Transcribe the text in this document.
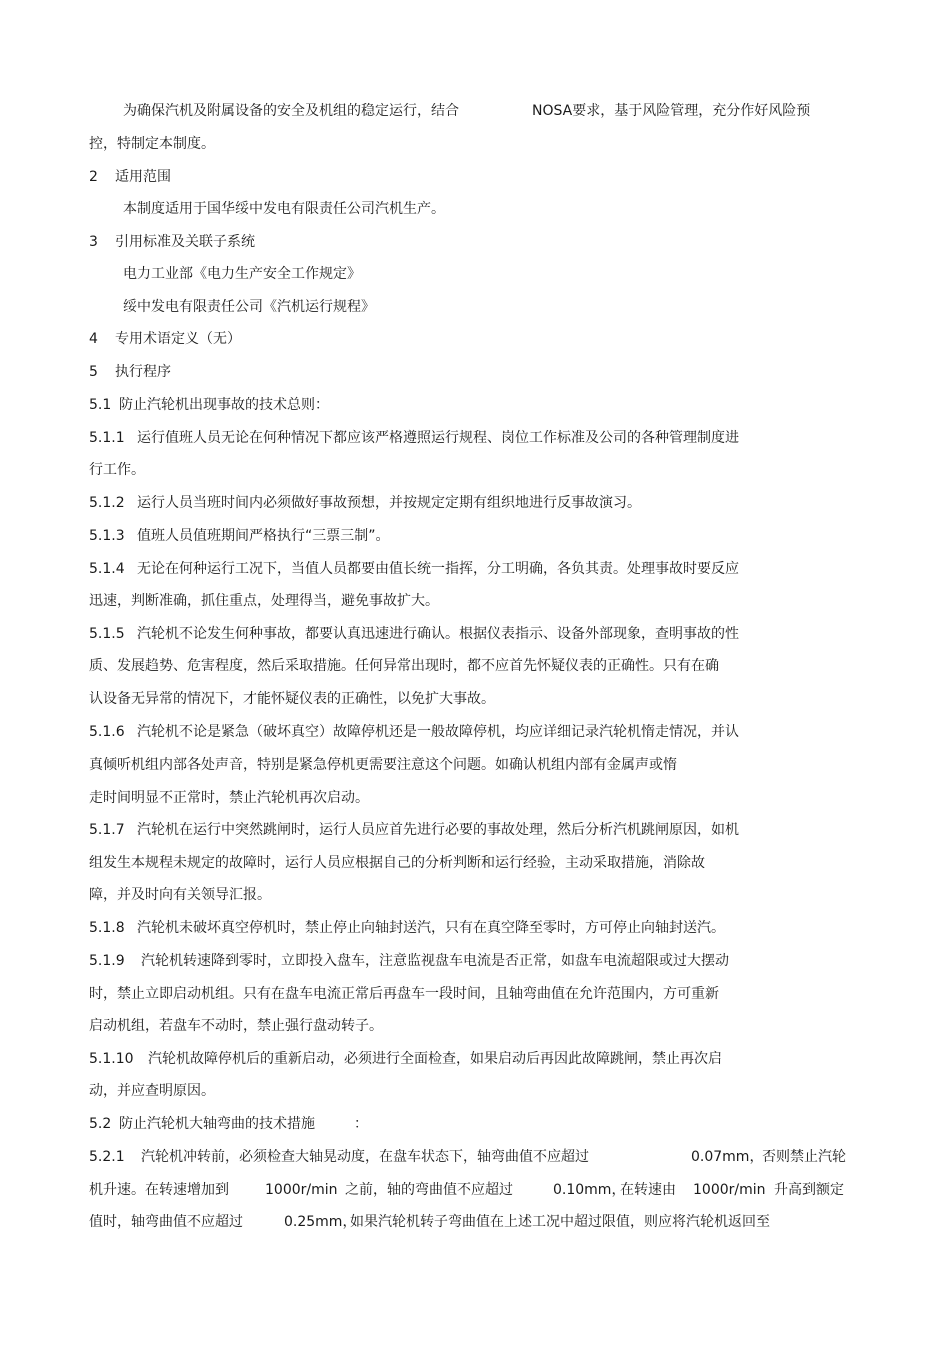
为确保汽机及附属设备的安全及机组的稳定运行，结合	NOSA要求，基于风险管理，充分作好风险预
控，特制定本制度。
2 适用范围
本制度适用于国华绥中发电有限责任公司汽机生产。
3 引用标准及关联子系统
电力工业部《电力生产安全工作规定》
绥中发电有限责任公司《汽机运行规程》
4 专用术语定义（无）
5 执行程序
5.1 防止汽轮机出现事故的技术总则：
5.1.1 运行值班人员无论在何种情况下都应该严格遵照运行规程、岗位工作标准及公司的各种管理制度进
行工作。
5.1.2 运行人员当班时间内必须做好事故预想，并按规定定期有组织地进行反事故演习。
5.1.3 值班人员值班期间严格执行“三票三制”。
5.1.4 无论在何种运行工况下，当值人员都要由值长统一指挥，分工明确，各负其责。处理事故时要反应
迅速，判断准确，抓住重点，处理得当，避免事故扩大。
5.1.5 汽轮机不论发生何种事故，都要认真迅速进行确认。根据仪表指示、设备外部现象，查明事故的性
质、发展趋势、危害程度，然后采取措施。任何异常出现时，都不应首先怀疑仪表的正确性。只有在确
认设备无异常的情况下，才能怀疑仪表的正确性，以免扩大事故。
5.1.6 汽轮机不论是紧急（破坏真空）故障停机还是一般故障停机，均应详细记录汽轮机惰走情况，并认
真倾听机组内部各处声音，特别是紧急停机更需要注意这个问题。如确认机组内部有金属声或惰
走时间明显不正常时，禁止汽轮机再次启动。
5.1.7 汽轮机在运行中突然跳闸时，运行人员应首先进行必要的事故处理，然后分析汽机跳闸原因，如机
组发生本规程未规定的故障时，运行人员应根据自己的分析判断和运行经验，主动采取措施，消除故
障，并及时向有关领导汇报。
5.1.8 汽轮机未破坏真空停机时，禁止停止向轴封送汽，只有在真空降至零时，方可停止向轴封送汽。
5.1.9 汽轮机转速降到零时，立即投入盘车，注意监视盘车电流是否正常，如盘车电流超限或过大摆动
时，禁止立即启动机组。只有在盘车电流正常后再盘车一段时间，且轴弯曲值在允许范围内，方可重新
启动机组，若盘车不动时，禁止强行盘动转子。
5.1.10 汽轮机故障停机后的重新启动，必须进行全面检查，如果启动后再因此故障跳闸，禁止再次启
动，并应查明原因。
5.2 防止汽轮机大轴弯曲的技术措施	：
5.2.1 汽轮机冲转前，必须检查大轴晃动度，在盘车状态下，轴弯曲值不应超过	0.07mm，
否则禁止汽轮
机升速。在转速增加到	1000r/min 之前，轴的弯曲值不应超过	0.10mm，
在转速由 1000r/min 升高到额定
值时，轴弯曲值不应超过	0.25mm，
如果汽轮机转子弯曲值在上述工况中超过限值，则应将汽轮机返回至
